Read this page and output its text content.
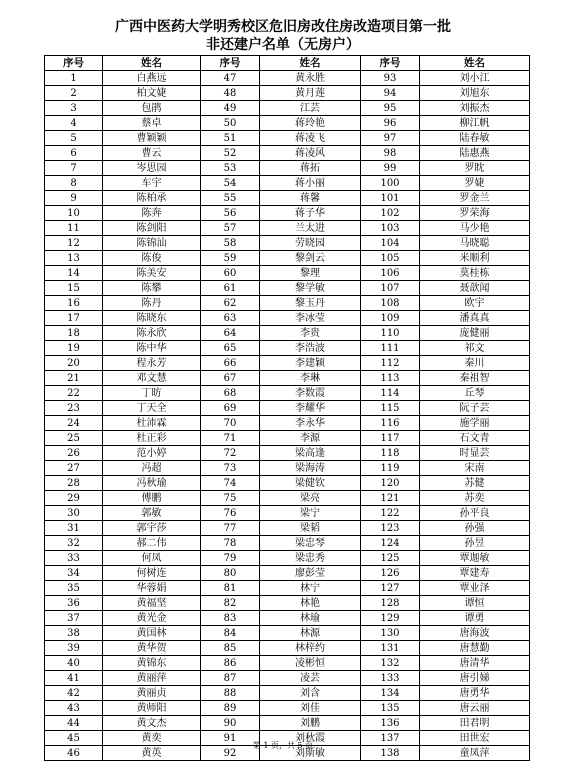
广西中医药大学明秀校区危旧房改住房改造项目第一批
非还建户名单（无房户）
序号	姓名	序号	姓名	序号	姓名
1	白燕远	47	黄永胜	93	刘小江
2	柏文婕	48	黄月莲	94	刘旭东
3	包鹃	49	江芸	95	刘振杰
4	蔡卓	50	蒋玲艳	96	柳江帆
5	曹颖颖	51	蒋凌飞	97	陆春敏
6	曹云	52	蒋凌风	98	陆惠燕
7	岑思园	53	蒋拓	99	罗眈
8	车宇	54	蒋小丽	100	罗婕
9	陈柏承	55	蒋馨	101	罗金兰
10	陈奔	56	蒋子华	102	罗荣海
11	陈剑阳	57	兰太进	103	马少艳
12	陈锦汕	58	劳晓园	104	马晓聪
13	陈俊	59	黎剑云	105	米顺利
14	陈美安	60	黎理	106	莫桂栋
15	陈攀	61	黎学敏	107	聂歆闻
16	陈丹	62	黎玉丹	108	欧宇
17	陈晓东	63	李冰莹	109	潘真真
18	陈永欣	64	李贵	110	庞健丽
19	陈中华	65	李浩波	111	祁文
20	程永芳	66	李建颖	112	秦川
21	邓文慧	67	李琳	113	秦祖智
22	丁昉	68	李数霞	114	丘琴
23	丁天全	69	李耀华	115	阮子芸
24	杜沛霖	70	李永华	116	施学丽
25	杜正彩	71	李源	117	石文青
26	范小婷	72	梁高逢	118	时显芸
27	冯超	73	梁海涛	119	宋南
28	冯秋瑜	74	梁健钦	120	苏健
29	傅鹏	75	梁亮	121	苏奕
30	郭敏	76	梁宁	122	孙平良
31	郭宇莎	77	梁韬	123	孙强
32	郝二伟	78	梁忠琴	124	孙昱
33	何凤	79	梁忠秀	125	覃迦敏
34	何树连	80	廖彭莹	126	覃建寿
35	华蓉娟	81	林宁	127	覃业泽
36	黄福坚	82	林艳	128	谭恒
37	黄光金	83	林瑜	129	谭勇
38	黄国林	84	林源	130	唐海波
39	黄华贺	85	林梓约	131	唐慧勤
40	黄锦东	86	凌彬恒	132	唐清华
41	黄丽萍	87	凌芸	133	唐引娣
42	黄丽贞	88	刘含	134	唐勇华
43	黄师阳	89	刘佳	135	唐云丽
44	黄文杰	90	刘鹏	136	田君明
45	黄奕	91	刘秋霞	137	田世宏
46	黄英	92	刘斯敏	138	童凤萍
第 1 页，共 5 页
